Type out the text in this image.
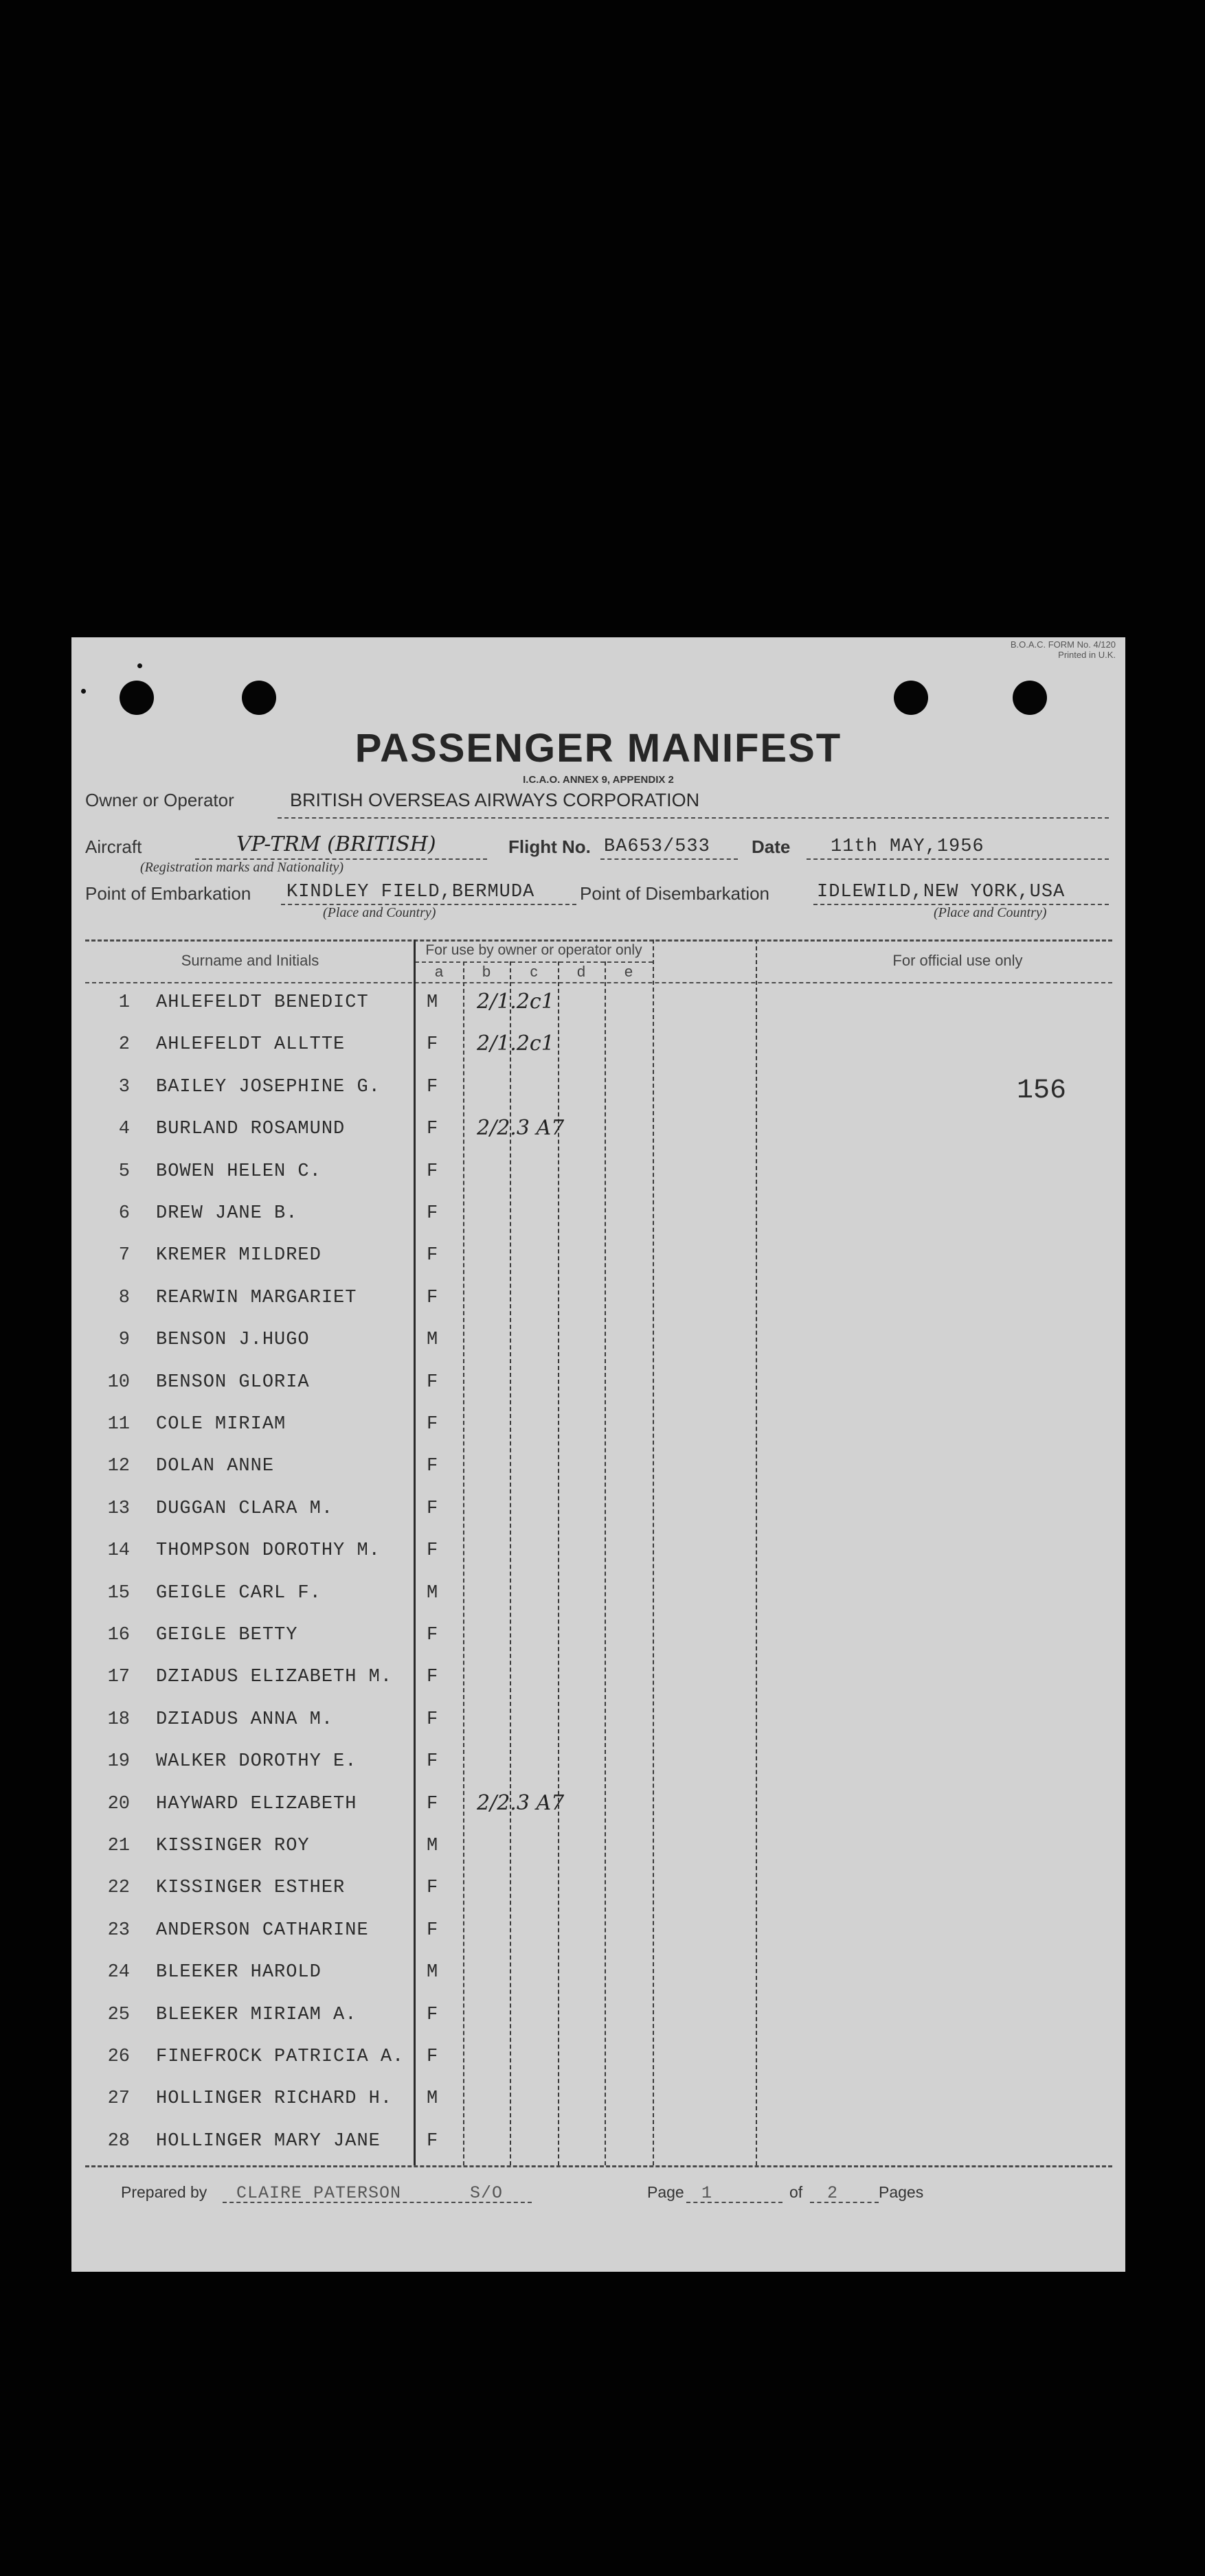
B.O.A.C. FORM No. 4/120
Printed in U.K.
PASSENGER MANIFEST
I.C.A.O. ANNEX 9, APPENDIX 2
Owner or Operator	BRITISH OVERSEAS AIRWAYS CORPORATION
Aircraft	VP-TRM (BRITISH)
(Registration marks and Nationality)
Flight No. BA653/533 Date 11th MAY,1956
Point of Embarkation KINDLEY FIELD,BERMUDA
(Place and Country)
Point of Disembarkation	IDLEWILD,NEW YORK,USA
(Place and Country)
Surname and Initials
For use by owner or operator only
a	b	c	d	e
For official use only
156
1 AHLEFELDT BENEDICT	M 2/1.2c1
2 AHLEFELDT ALLTTE	F 2/1.2c1
3 BAILEY JOSEPHINE G. F
4 BURLAND ROSAMUND	F 2/2.3 A7
5 BOWEN HELEN C.	F
6 DREW JANE B.	F
7 KREMER MILDRED	F
8 REARWIN MARGARIET	F
9 BENSON J.HUGO	M
10 BENSON GLORIA	F
11 COLE MIRIAM	F
12 DOLAN ANNE	F
13 DUGGAN CLARA M.	F
14 THOMPSON DOROTHY M. F
15 GEIGLE CARL F.	M
16 GEIGLE BETTY	F
17 DZIADUS ELIZABETH M. F
18 DZIADUS ANNA M.	F
19 WALKER DOROTHY E.	F
20 HAYWARD ELIZABETH	F 2/2.3 A7
21 KISSINGER ROY	M
22 KISSINGER ESTHER	F
23 ANDERSON CATHARINE	F
24 BLEEKER HAROLD	M
25 BLEEKER MIRIAM A.	F
26 FINEFROCK PATRICIA A. F
27 HOLLINGER RICHARD H. M
28 HOLLINGER MARY JANE F
Prepared by CLAIRE PATERSON	S/O	Page 1	of 2	Pages
